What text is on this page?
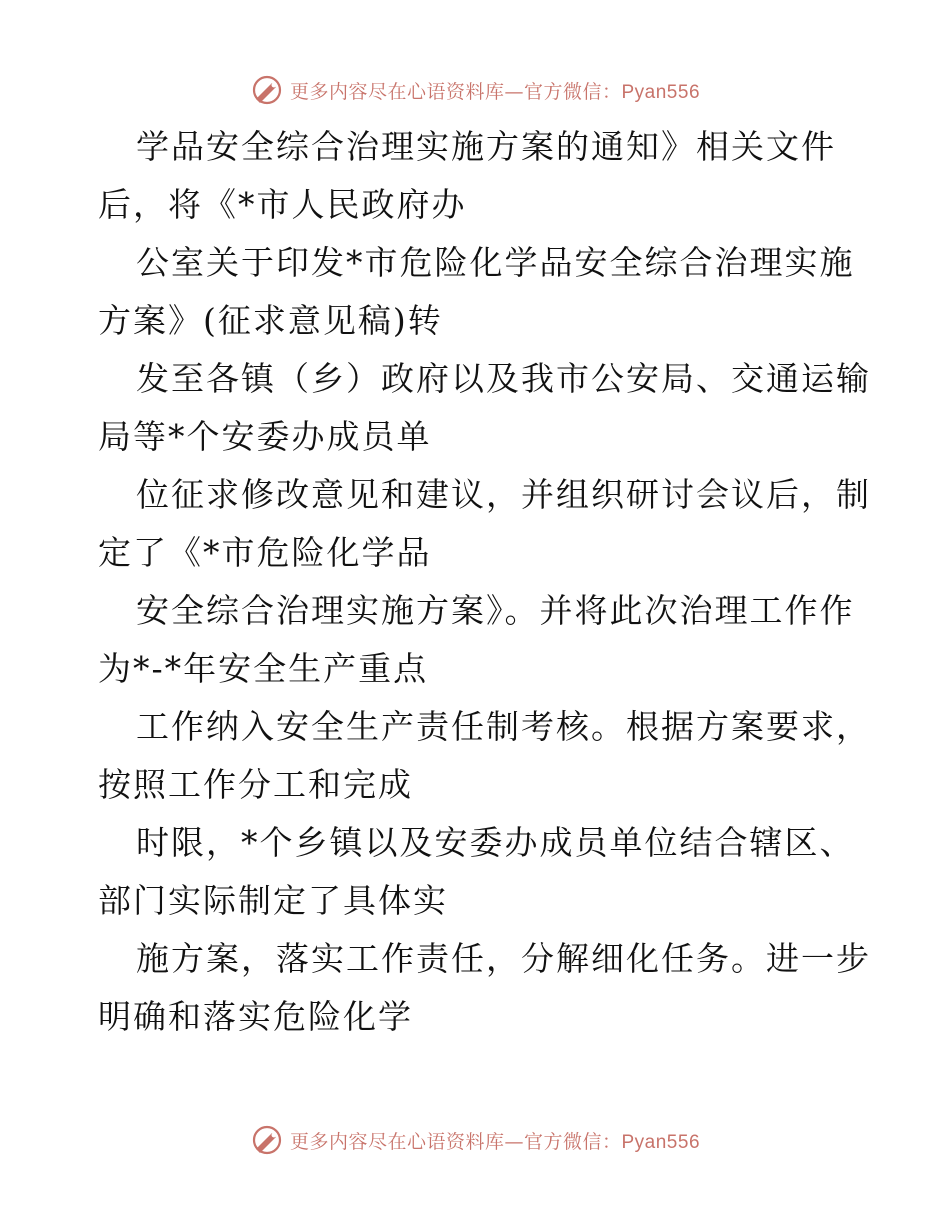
更多内容尽在心语资料库—官方微信：Pyan556
学品安全综合治理实施方案的通知》相关文件
后，将《*市人民政府办
公室关于印发*市危险化学品安全综合治理实施
方案》(征求意见稿)转
发至各镇（乡）政府以及我市公安局、交通运输
局等*个安委办成员单
位征求修改意见和建议，并组织研讨会议后，制
定了《*市危险化学品
安全综合治理实施方案》。并将此次治理工作作
为*-*年安全生产重点
工作纳入安全生产责任制考核。根据方案要求，
按照工作分工和完成
时限，*个乡镇以及安委办成员单位结合辖区、
部门实际制定了具体实
施方案，落实工作责任，分解细化任务。进一步
明确和落实危险化学
更多内容尽在心语资料库—官方微信：Pyan556
